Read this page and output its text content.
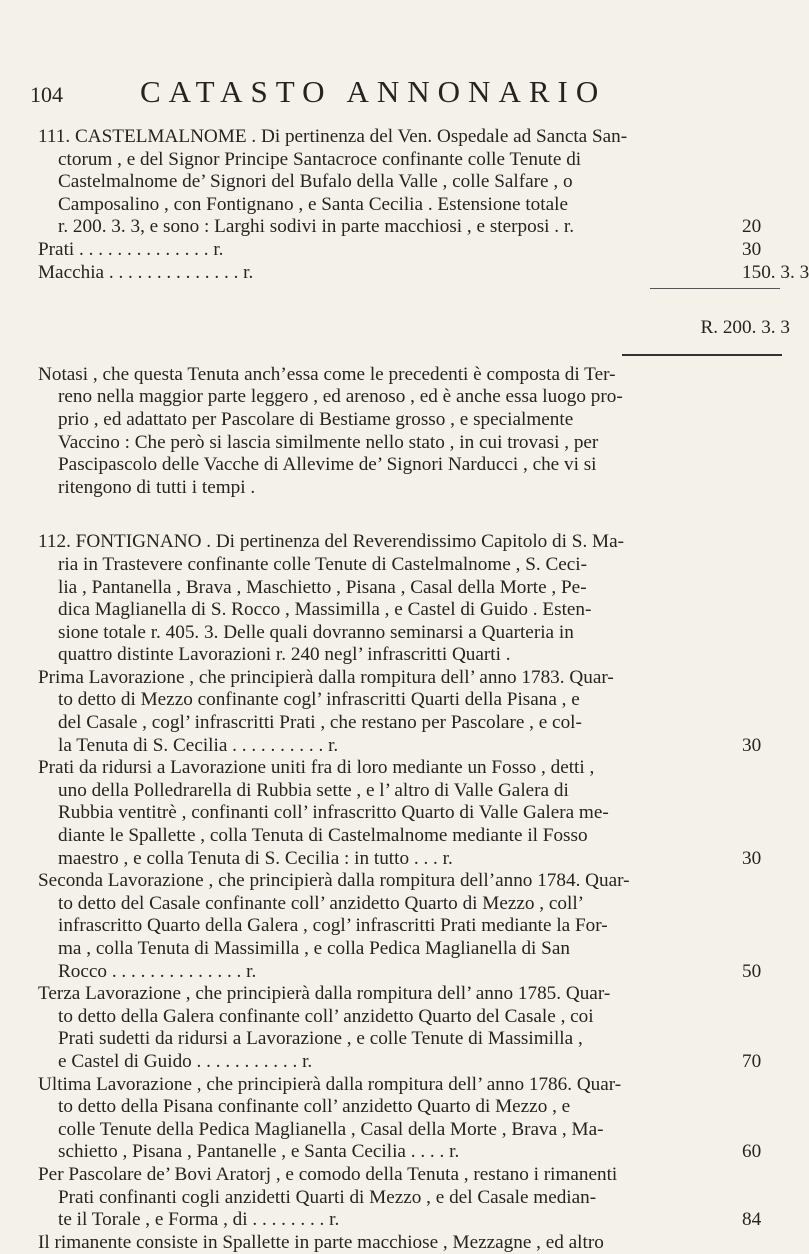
104 CATASTO ANNONARIO
111. CASTELMALNOME . Di pertinenza del Ven. Ospedale ad Sancta San-
ctorum , e del Signor Principe Santacroce confinante colle Tenute di
Castelmalnome de’ Signori del Bufalo della Valle , colle Salfare , o
Camposalino , con Fontignano , e Santa Cecilia . Estensione totale
r. 200. 3. 3, e sono : Larghi sodivi in parte macchiosi , e sterposi . r.	20
Prati . . . . . . . . . . . . . . r.	30
Macchia . . . . . . . . . . . . . . r.	150. 3. 3
R. 200. 3. 3
Notasi , che questa Tenuta anch’essa come le precedenti è composta di Ter-
reno nella maggior parte leggero , ed arenoso , ed è anche essa luogo pro-
prio , ed adattato per Pascolare di Bestiame grosso , e specialmente
Vaccino : Che però si lascia similmente nello stato , in cui trovasi , per
Pascipascolo delle Vacche di Allevime de’ Signori Narducci , che vi si
ritengono di tutti i tempi .
112. FONTIGNANO . Di pertinenza del Reverendissimo Capitolo di S. Ma-
ria in Trastevere confinante colle Tenute di Castelmalnome , S. Ceci-
lia , Pantanella , Brava , Maschietto , Pisana , Casal della Morte , Pe-
dica Maglianella di S. Rocco , Massimilla , e Castel di Guido . Esten-
sione totale r. 405. 3. Delle quali dovranno seminarsi a Quarteria in
quattro distinte Lavorazioni r. 240 negl’ infrascritti Quarti .
Prima Lavorazione , che principierà dalla rompitura dell’ anno 1783. Quar-
to detto di Mezzo confinante cogl’ infrascritti Quarti della Pisana , e
del Casale , cogl’ infrascritti Prati , che restano per Pascolare , e col-
la Tenuta di S. Cecilia . . . . . . . . . . r.	30
Prati da ridursi a Lavorazione uniti fra di loro mediante un Fosso , detti ,
uno della Polledrarella di Rubbia sette , e l’ altro di Valle Galera di
Rubbia ventitrè , confinanti coll’ infrascritto Quarto di Valle Galera me-
diante le Spallette , colla Tenuta di Castelmalnome mediante il Fosso
maestro , e colla Tenuta di S. Cecilia : in tutto . . . r.	30
Seconda Lavorazione , che principierà dalla rompitura dell’anno 1784. Quar-
to detto del Casale confinante coll’ anzidetto Quarto di Mezzo , coll’
infrascritto Quarto della Galera , cogl’ infrascritti Prati mediante la For-
ma , colla Tenuta di Massimilla , e colla Pedica Maglianella di San
Rocco . . . . . . . . . . . . . . r.	50
Terza Lavorazione , che principierà dalla rompitura dell’ anno 1785. Quar-
to detto della Galera confinante coll’ anzidetto Quarto del Casale , coi
Prati sudetti da ridursi a Lavorazione , e colle Tenute di Massimilla ,
e Castel di Guido . . . . . . . . . . . r.	70
Ultima Lavorazione , che principierà dalla rompitura dell’ anno 1786. Quar-
to detto della Pisana confinante coll’ anzidetto Quarto di Mezzo , e
colle Tenute della Pedica Maglianella , Casal della Morte , Brava , Ma-
schietto , Pisana , Pantanelle , e Santa Cecilia . . . . r.	60
Per Pascolare de’ Bovi Aratorj , e comodo della Tenuta , restano i rimanenti
Prati confinanti cogli anzidetti Quarti di Mezzo , e del Casale median-
te il Torale , e Forma , di . . . . . . . . r.	84
Il rimanente consiste in Spallette in parte macchiose , Mezzagne , ed altro
